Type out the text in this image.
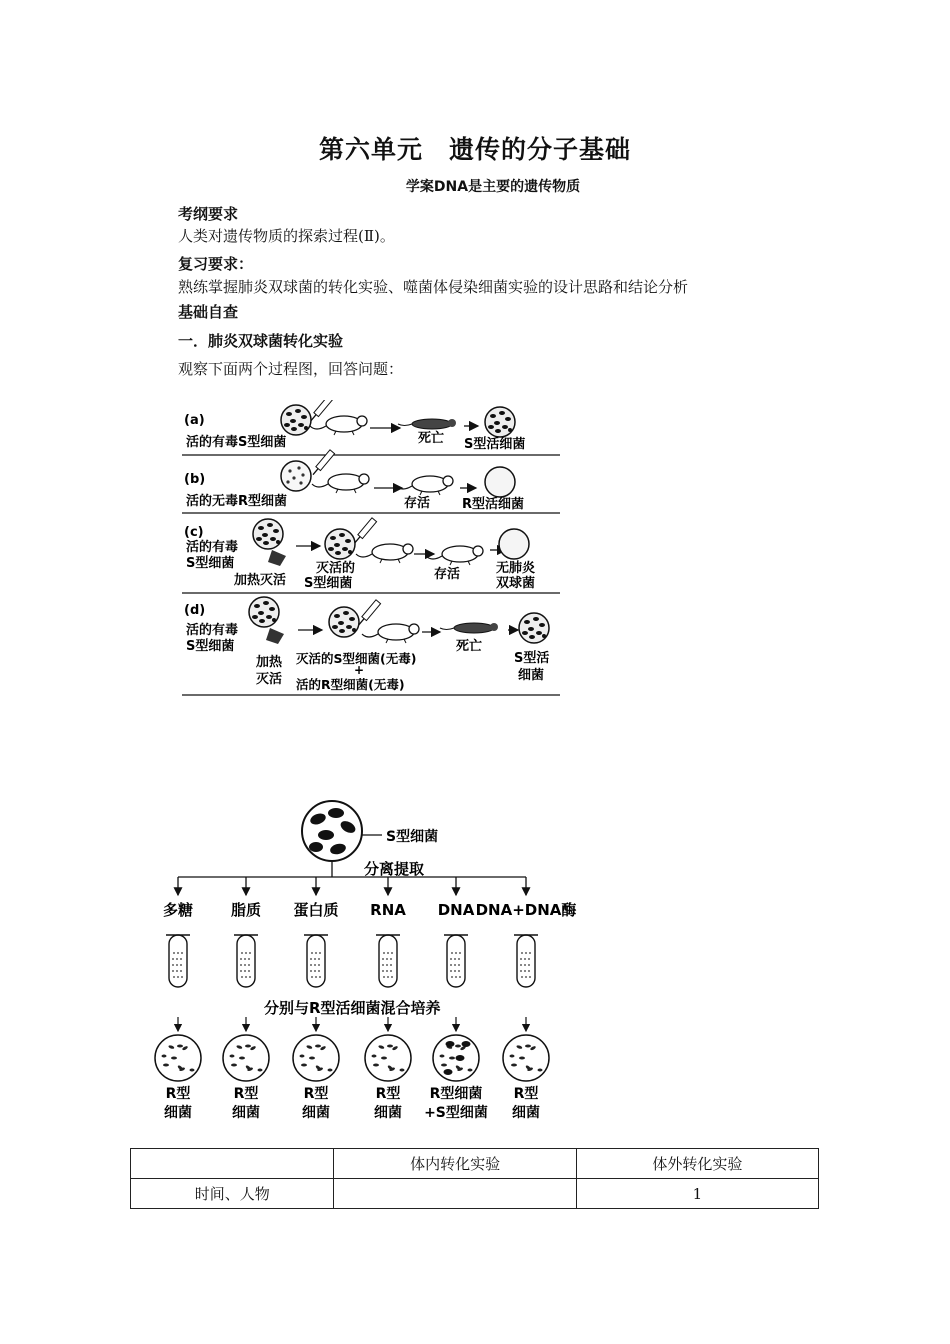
第六单元　遗传的分子基础
学案DNA是主要的遗传物质
考纲要求
人类对遗传物质的探索过程(Ⅱ)。
复习要求：
熟练掌握肺炎双球菌的转化实验、噬菌体侵染细菌实验的设计思路和结论分析
基础自查
一．肺炎双球菌转化实验
观察下面两个过程图，回答问题：
(a)
活的有毒S型细菌	死亡 S型活细菌
(b)
活的无毒R型细菌	存活 R型活细菌
(c)
活的有毒
S型细菌
加热灭活
灭活的
S型细菌
存活	无肺炎
双球菌
(d)
活的有毒
S型细菌
加热
灭活
灭活的S型细菌(无毒)
+
活的R型细菌(无毒)
死亡
S型活
细菌
S型细菌
分离提取
多糖
R型
细菌
脂质
R型
细菌
蛋白质
R型
细菌
RNA
R型
细菌
DNA
R型细菌
+S型细菌
DNA+DNA酶
R型
细菌
分别与R型活细菌混合培养
	体内转化实验	体外转化实验
时间、人物		1
